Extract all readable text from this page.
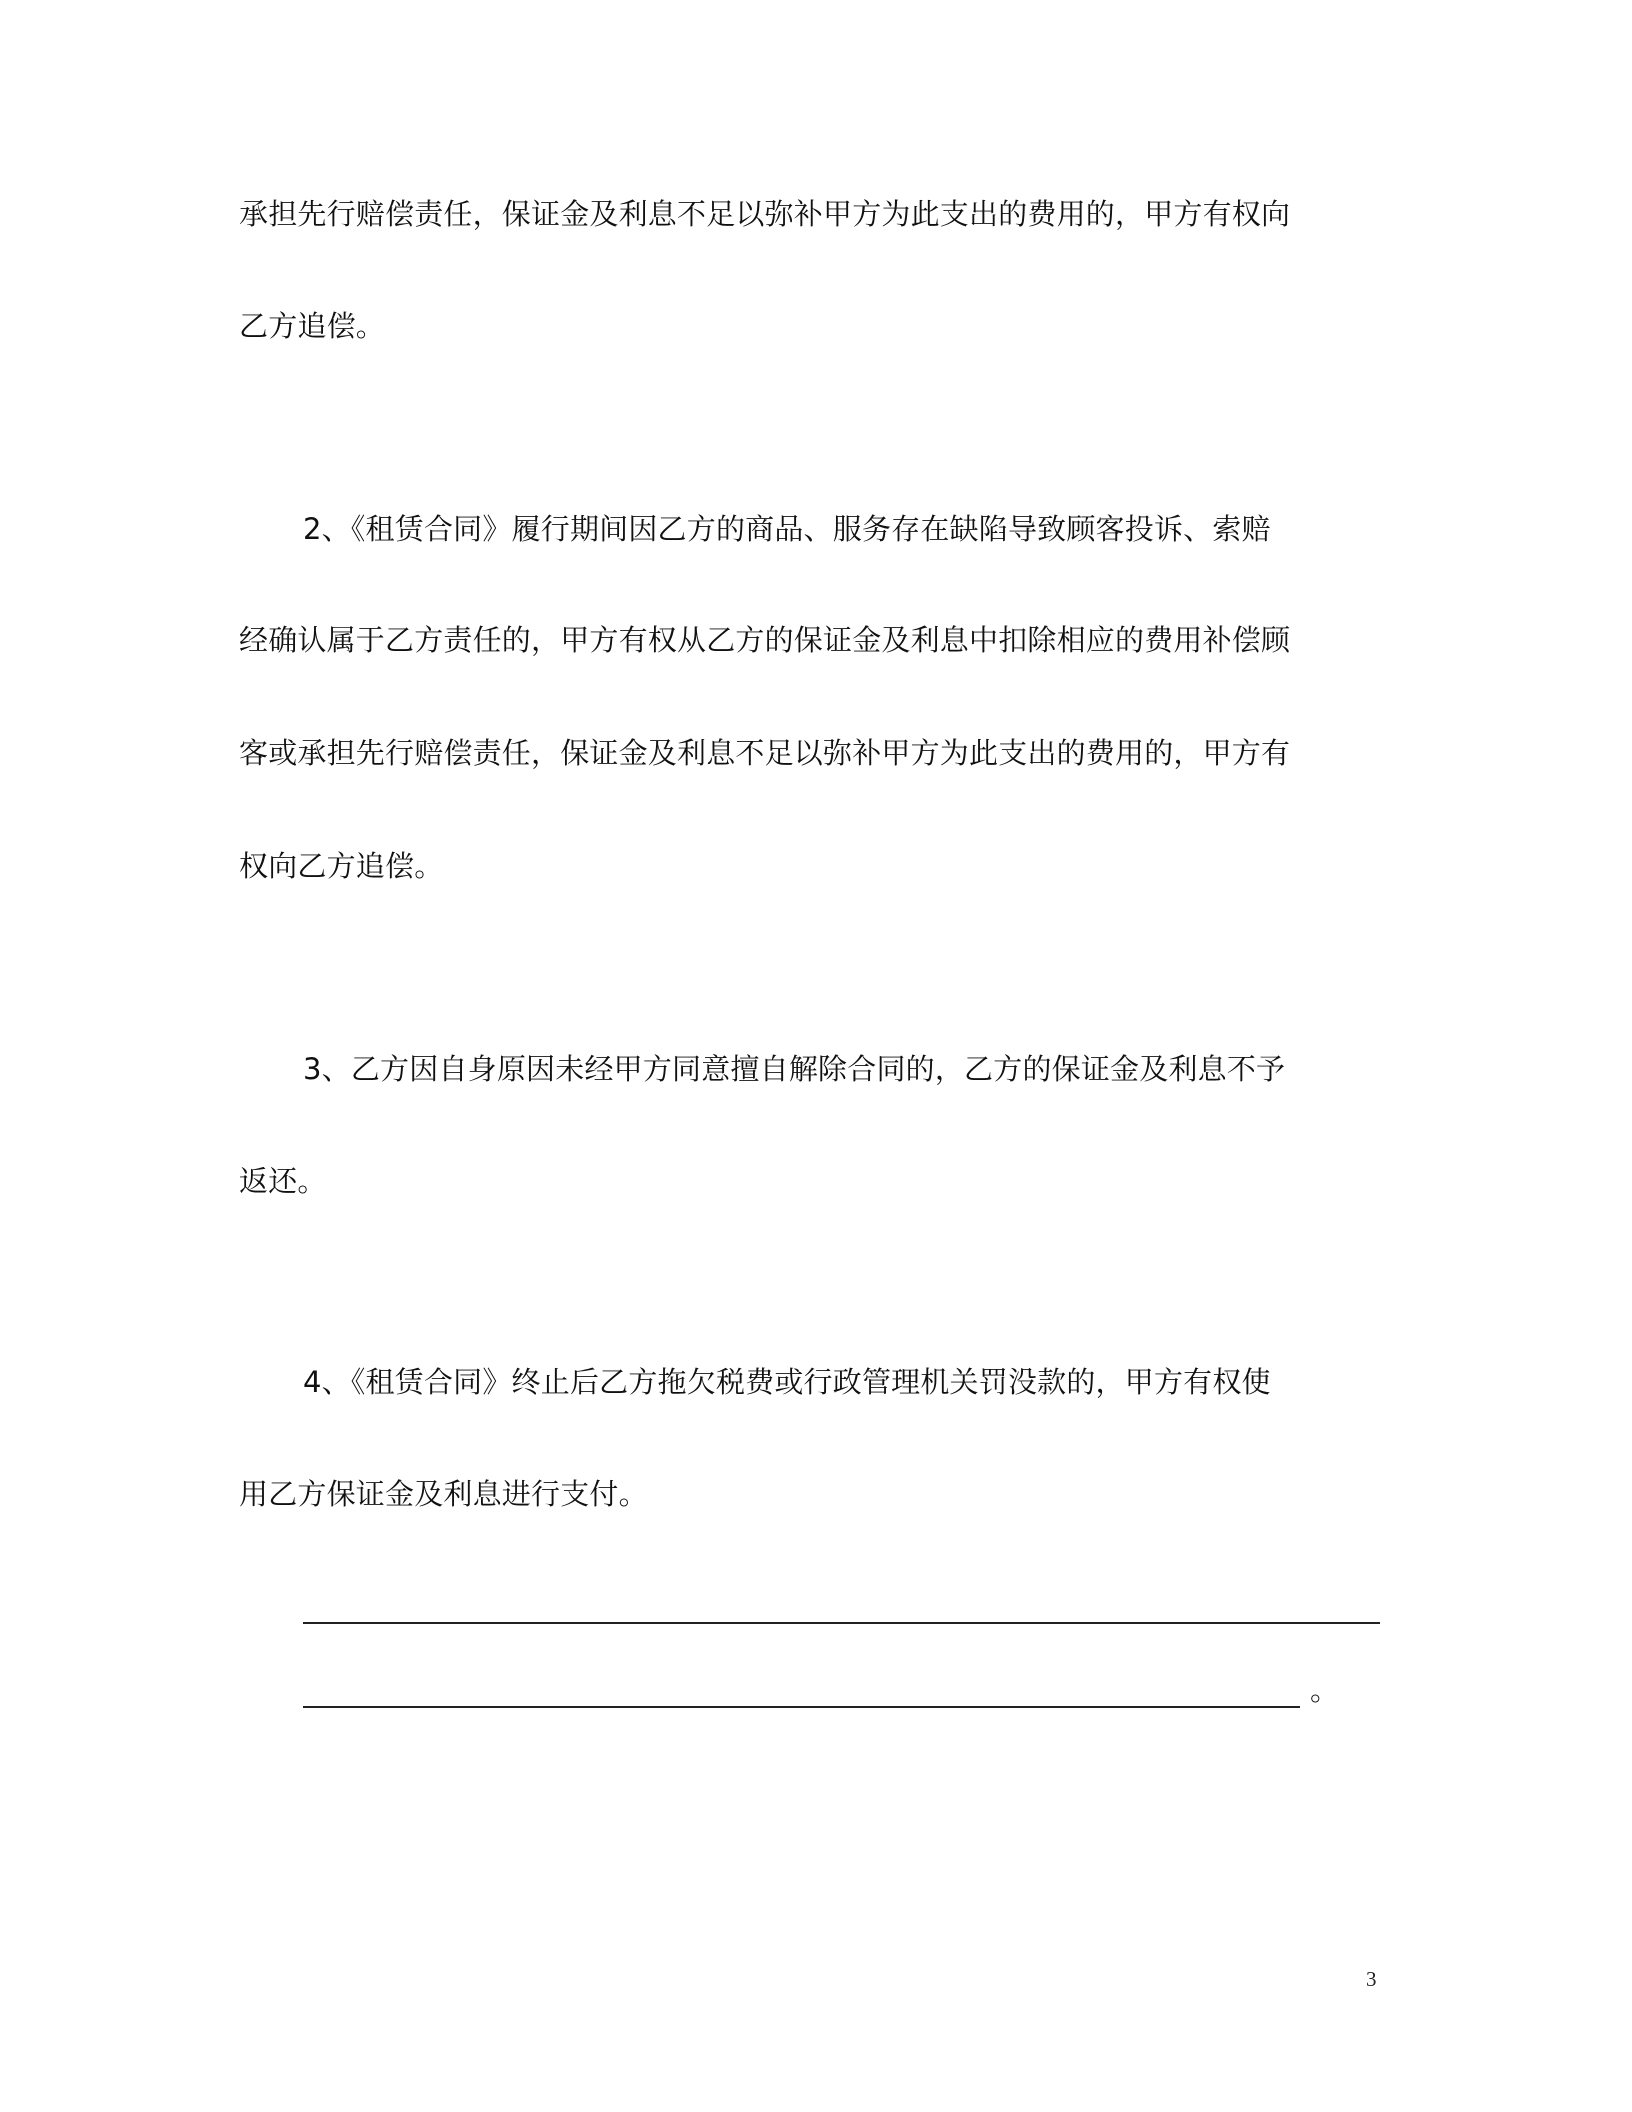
承担先行赔偿责任，保证金及利息不足以弥补甲方为此支出的费用的，甲方有权向
乙方追偿。
2、《租赁合同》履行期间因乙方的商品、服务存在缺陷导致顾客投诉、索赔
经确认属于乙方责任的，甲方有权从乙方的保证金及利息中扣除相应的费用补偿顾
客或承担先行赔偿责任，保证金及利息不足以弥补甲方为此支出的费用的，甲方有
权向乙方追偿。
3、乙方因自身原因未经甲方同意擅自解除合同的，乙方的保证金及利息不予
返还。
4、《租赁合同》终止后乙方拖欠税费或行政管理机关罚没款的，甲方有权使
用乙方保证金及利息进行支付。
。
3
